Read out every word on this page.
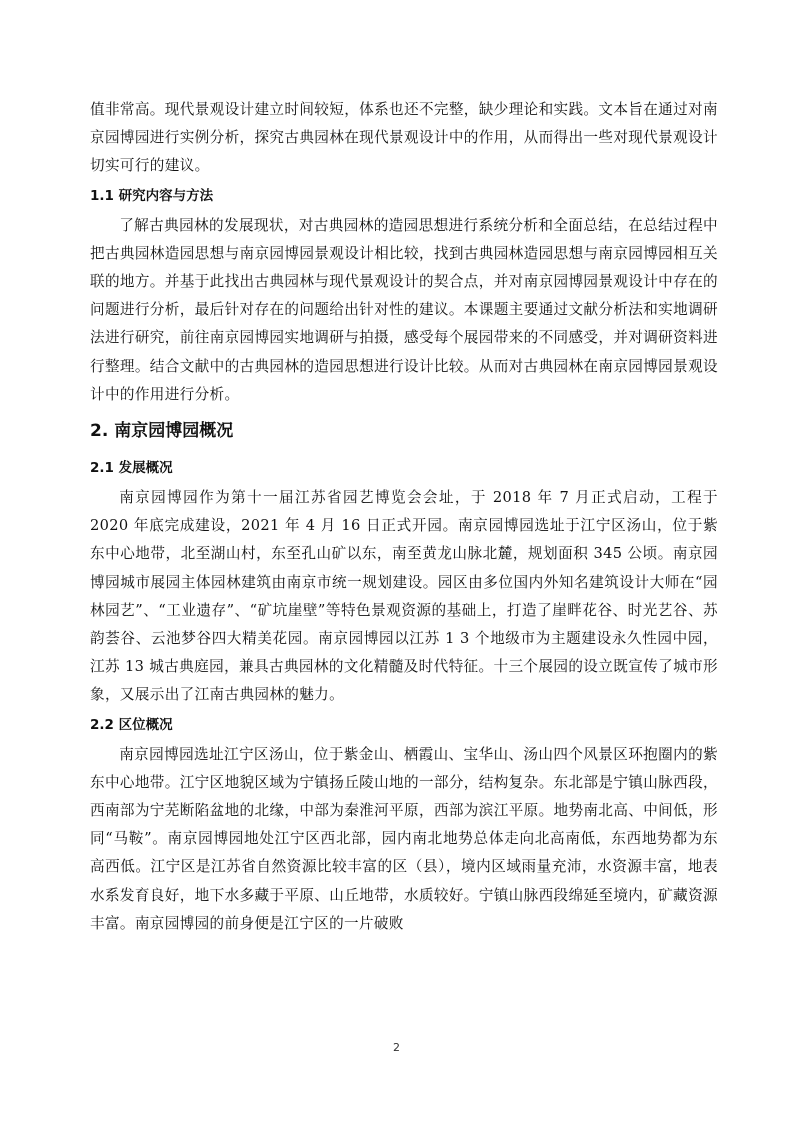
值非常高。现代景观设计建立时间较短，体系也还不完整，缺少理论和实践。文本旨在通过对南京园博园进行实例分析，探究古典园林在现代景观设计中的作用，从而得出一些对现代景观设计切实可行的建议。

1.1 研究内容与方法

了解古典园林的发展现状，对古典园林的造园思想进行系统分析和全面总结，在总结过程中把古典园林造园思想与南京园博园景观设计相比较，找到古典园林造园思想与南京园博园相互关联的地方。并基于此找出古典园林与现代景观设计的契合点，并对南京园博园景观设计中存在的问题进行分析，最后针对存在的问题给出针对性的建议。本课题主要通过文献分析法和实地调研法进行研究，前往南京园博园实地调研与拍摄，感受每个展园带来的不同感受，并对调研资料进行整理。结合文献中的古典园林的造园思想进行设计比较。从而对古典园林在南京园博园景观设计中的作用进行分析。

2. 南京园博园概况
2.1 发展概况

南京园博园作为第十一届江苏省园艺博览会会址，于 2018 年 7 月正式启动，工程于 2020 年底完成建设，2021 年 4 月 16 日正式开园。南京园博园选址于江宁区汤山，位于紫东中心地带，北至湖山村，东至孔山矿以东，南至黄龙山脉北麓，规划面积 345 公顷。南京园博园城市展园主体园林建筑由南京市统一规划建设。园区由多位国内外知名建筑设计大师在“园林园艺”、“工业遗存”、“矿坑崖壁”等特色景观资源的基础上，打造了崖畔花谷、时光艺谷、苏韵荟谷、云池梦谷四大精美花园。南京园博园以江苏 1 3 个地级市为主题建设永久性园中园，江苏 13 城古典庭园，兼具古典园林的文化精髓及时代特征。十三个展园的设立既宣传了城市形象，又展示出了江南古典园林的魅力。

2.2 区位概况

南京园博园选址江宁区汤山，位于紫金山、栖霞山、宝华山、汤山四个风景区环抱圈内的紫东中心地带。江宁区地貌区域为宁镇扬丘陵山地的一部分，结构复杂。东北部是宁镇山脉西段，西南部为宁芜断陷盆地的北缘，中部为秦淮河平原，西部为滨江平原。地势南北高、中间低，形同“马鞍”。南京园博园地处江宁区西北部，园内南北地势总体走向北高南低，东西地势都为东高西低。江宁区是江苏省自然资源比较丰富的区（县），境内区域雨量充沛，水资源丰富，地表水系发育良好，地下水多藏于平原、山丘地带，水质较好。宁镇山脉西段绵延至境内，矿藏资源丰富。南京园博园的前身便是江宁区的一片破败

2
